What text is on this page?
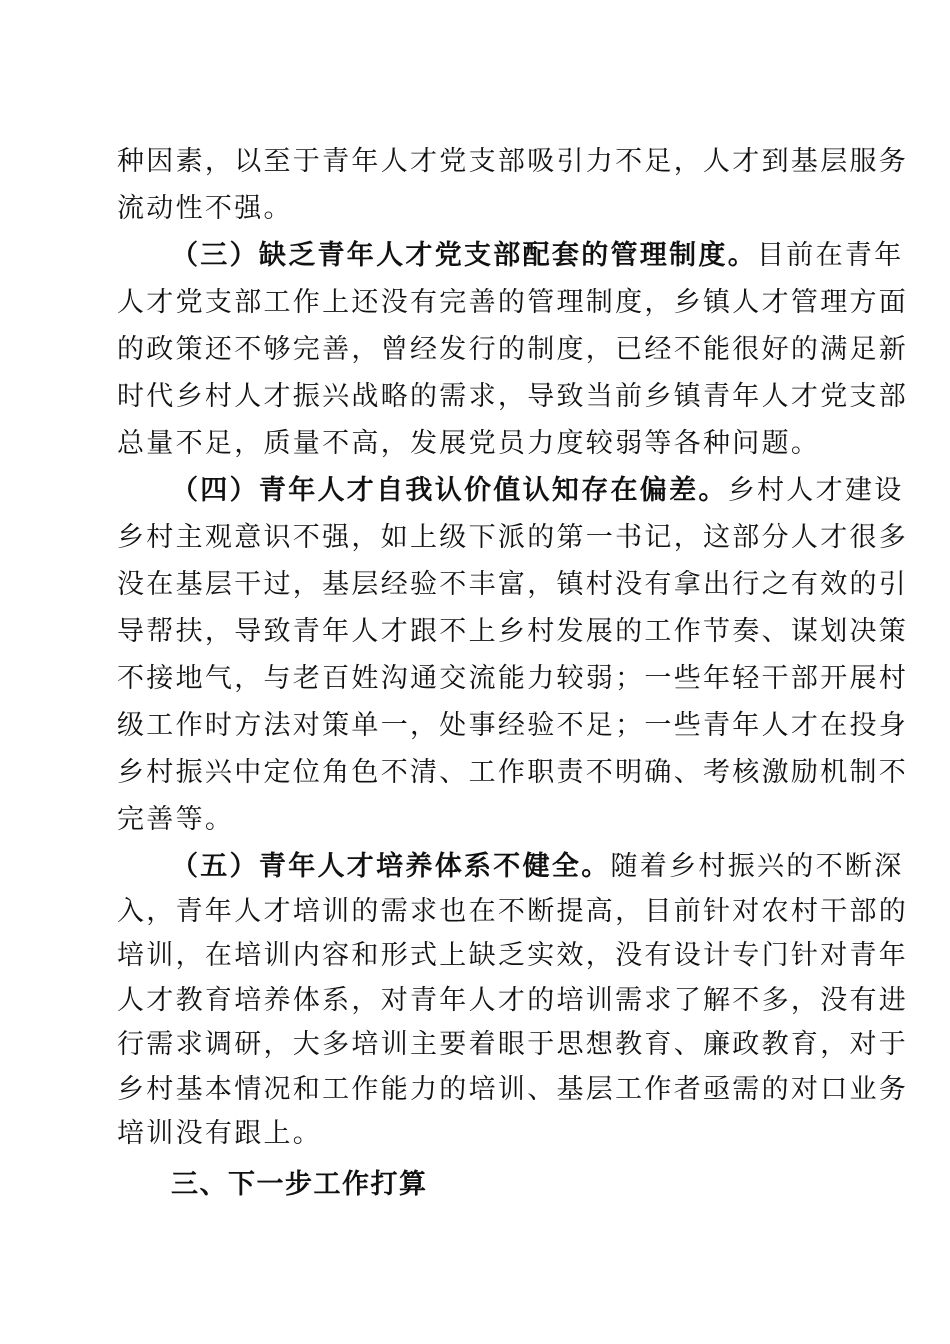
种因素，以至于青年人才党支部吸引力不足，人才到基层服务
流动性不强。
（三）缺乏青年人才党支部配套的管理制度。目前在青年
人才党支部工作上还没有完善的管理制度，乡镇人才管理方面
的政策还不够完善，曾经发行的制度，已经不能很好的满足新
时代乡村人才振兴战略的需求，导致当前乡镇青年人才党支部
总量不足，质量不高，发展党员力度较弱等各种问题。
（四）青年人才自我认价值认知存在偏差。乡村人才建设
乡村主观意识不强，如上级下派的第一书记，这部分人才很多
没在基层干过，基层经验不丰富，镇村没有拿出行之有效的引
导帮扶，导致青年人才跟不上乡村发展的工作节奏、谋划决策
不接地气，与老百姓沟通交流能力较弱；一些年轻干部开展村
级工作时方法对策单一，处事经验不足；一些青年人才在投身
乡村振兴中定位角色不清、工作职责不明确、考核激励机制不
完善等。
（五）青年人才培养体系不健全。随着乡村振兴的不断深
入，青年人才培训的需求也在不断提高，目前针对农村干部的
培训，在培训内容和形式上缺乏实效，没有设计专门针对青年
人才教育培养体系，对青年人才的培训需求了解不多，没有进
行需求调研，大多培训主要着眼于思想教育、廉政教育，对于
乡村基本情况和工作能力的培训、基层工作者亟需的对口业务
培训没有跟上。
三、下一步工作打算
